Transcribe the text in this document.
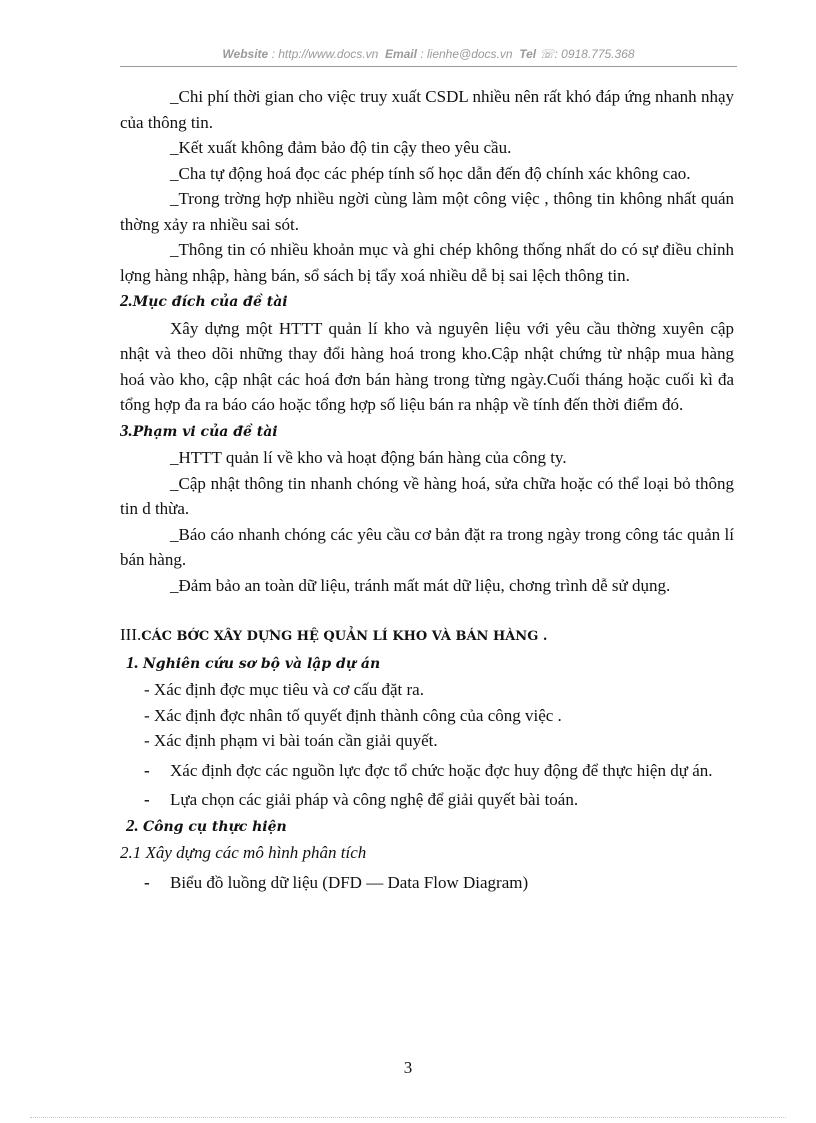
Website : http://www.docs.vn Email : lienhe@docs.vn Tel ☏: 0918.775.368

_Chi phí thời gian cho việc truy xuất CSDL nhiều nên rất khó đáp ứng nhanh nhạy của thông tin.

_Kết xuất không đảm bảo độ tin cậy theo yêu cầu.

_Cha tự động hoá đọc các phép tính số học dẫn đến độ chính xác không cao.

_Trong trờng hợp nhiều ngời cùng làm một công việc , thông tin không nhất quán thờng xảy ra nhiều sai sót.

_Thông tin có nhiều khoản mục và ghi chép không thống nhất do có sự điều chỉnh lợng hàng nhập, hàng bán, sổ sách bị tẩy xoá nhiều dễ bị sai lệch thông tin.

2.Mục đích của đề tài

Xây dựng một HTTT quản lí kho và nguyên liệu với yêu cầu thờng xuyên cập nhật và theo dõi những thay đổi hàng hoá trong kho.Cập nhật chứng từ nhập mua hàng hoá vào kho, cập nhật các hoá đơn bán hàng trong từng ngày.Cuối tháng hoặc cuối kì đa tổng hợp đa ra báo cáo hoặc tổng hợp số liệu bán ra nhập về tính đến thời điểm đó.

3.Phạm vi của đề tài

_HTTT quản lí về kho và hoạt động bán hàng của công ty.

_Cập nhật thông tin nhanh chóng về hàng hoá, sửa chữa hoặc có thể loại bỏ thông tin d thừa.

_Báo cáo nhanh chóng các yêu cầu cơ bản đặt ra trong ngày trong công tác quản lí bán hàng.

_Đảm bảo an toàn dữ liệu, tránh mất mát dữ liệu, chơng trình dễ sử dụng.

III.CÁC BỚC XÂY DỰNG HỆ QUẢN LÍ KHO VÀ BÁN HÀNG .

1. Nghiên cứu sơ bộ và lập dự án

- Xác định đợc mục tiêu và cơ cấu đặt ra.

- Xác định đợc nhân tố quyết định thành công của công việc .

- Xác định phạm vi bài toán cần giải quyết.

-	Xác định đợc các nguồn lực đợc tổ chức hoặc đợc huy động để thực hiện dự án.

-	Lựa chọn các giải pháp và công nghệ để giải quyết bài toán.

2. Công cụ thực hiện

2.1 Xây dựng các mô hình phân tích

-	Biểu đồ luồng dữ liệu (DFD — Data Flow Diagram)

3
